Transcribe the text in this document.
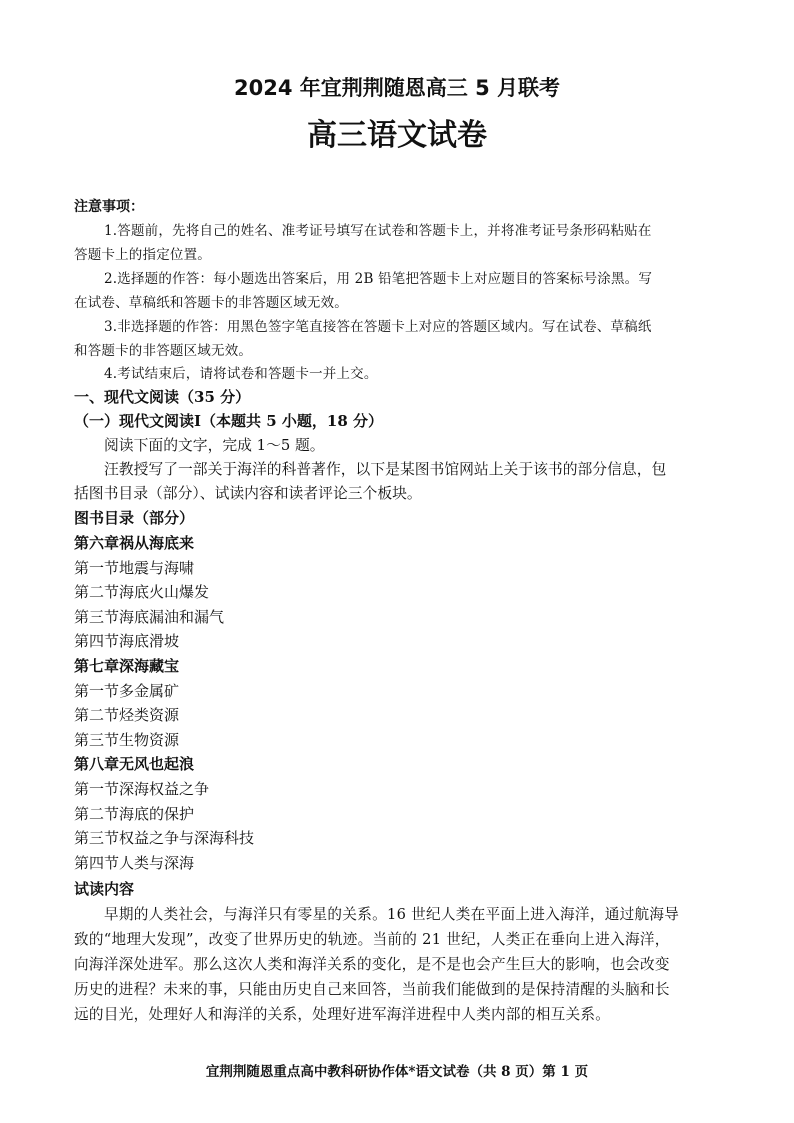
2024 年宜荆荆随恩高三 5 月联考
高三语文试卷
注意事项：
1.答题前，先将自己的姓名、准考证号填写在试卷和答题卡上，并将准考证号条形码粘贴在
答题卡上的指定位置。
2.选择题的作答：每小题选出答案后，用 2B 铅笔把答题卡上对应题目的答案标号涂黑。写
在试卷、草稿纸和答题卡的非答题区域无效。
3.非选择题的作答：用黑色签字笔直接答在答题卡上对应的答题区域内。写在试卷、草稿纸
和答题卡的非答题区域无效。
4.考试结束后，请将试卷和答题卡一并上交。
一、现代文阅读（35 分）
（一）现代文阅读Ⅰ（本题共 5 小题，18 分）
阅读下面的文字，完成 1～5 题。
汪教授写了一部关于海洋的科普著作，以下是某图书馆网站上关于该书的部分信息，包
括图书目录（部分）、试读内容和读者评论三个板块。
图书目录（部分）
第六章祸从海底来
第一节地震与海啸
第二节海底火山爆发
第三节海底漏油和漏气
第四节海底滑坡
第七章深海藏宝
第一节多金属矿
第二节烃类资源
第三节生物资源
第八章无风也起浪
第一节深海权益之争
第二节海底的保护
第三节权益之争与深海科技
第四节人类与深海
试读内容
早期的人类社会，与海洋只有零星的关系。16 世纪人类在平面上进入海洋，通过航海导
致的“地理大发现”，改变了世界历史的轨迹。当前的 21 世纪，人类正在垂向上进入海洋，
向海洋深处进军。那么这次人类和海洋关系的变化，是不是也会产生巨大的影响，也会改变
历史的进程？未来的事，只能由历史自己来回答，当前我们能做到的是保持清醒的头脑和长
远的目光，处理好人和海洋的关系，处理好进军海洋进程中人类内部的相互关系。
宜荆荆随恩重点高中教科研协作体*语文试卷（共 8 页）第 1 页
